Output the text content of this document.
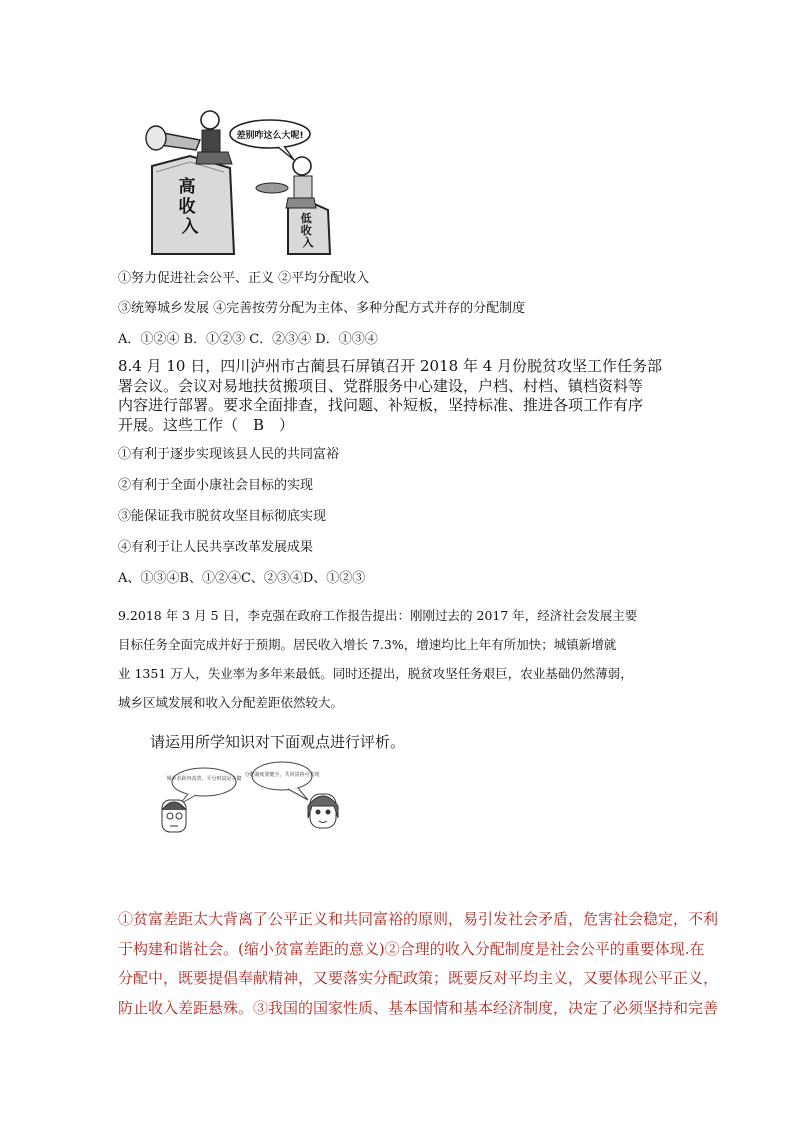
高 收 入	低 收 入
差别咋这么大呢!
①努力促进社会公平、正义 ②平均分配收入
③统筹城乡发展 ④完善按劳分配为主体、多种分配方式并存的分配制度
A．①②④ B．①②③ C．②③④ D．①③④
8.4 月 10 日，四川泸州市古蔺县石屏镇召开 2018 年 4 月份脱贫攻坚工作任务部
署会议。会议对易地扶贫搬项目、党群服务中心建设，户档、村档、镇档资料等
内容进行部署。要求全面排查，找问题、补短板，坚持标准、推进各项工作有序
开展。这些工作（　B　）
①有利于逐步实现该县人民的共同富裕
②有利于全面小康社会目标的实现
③能保证我市脱贫攻坚目标彻底实现
④有利于让人民共享改革发展成果
A、①③④B、①②④C、②③④D、①②③
9.2018 年 3 月 5 日，李克强在政府工作报告提出：刚刚过去的 2017 年，经济社会发展主要
目标任务全面完成并好于预期。居民收入增长 7.3%，增速均比上年有所加快；城镇新增就
业 1351 万人，失业率为多年来最低。同时还提出，脱贫攻坚任务艰巨，农业基础仍然薄弱，
城乡区域发展和收入分配差距依然较大。
请运用所学知识对下面观点进行评析。
城乡差距再改善，平分财富是关键
分配制度要健全，共同富裕可实现
①贫富差距太大背离了公平正义和共同富裕的原则，易引发社会矛盾，危害社会稳定，不利
于构建和谐社会。(缩小贫富差距的意义)②合理的收入分配制度是社会公平的重要体现.在
分配中，既要提倡奉献精神，又要落实分配政策；既要反对平均主义，又要体现公平正义，
防止收入差距悬殊。③我国的国家性质、基本国情和基本经济制度，决定了必须坚持和完善
